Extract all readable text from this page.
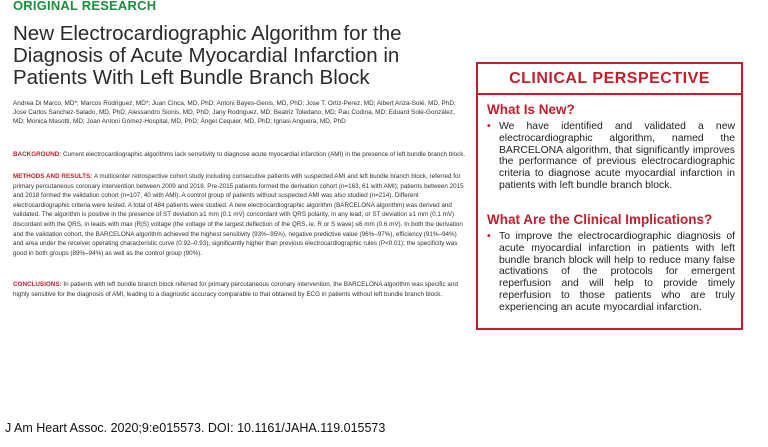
ORIGINAL RESEARCH
New Electrocardiographic Algorithm for the Diagnosis of Acute Myocardial Infarction in Patients With Left Bundle Branch Block
Andrea Di Marco, MD*; Marcos Rodriguez, MD*; Juan Cinca, MD, PhD; Antoni Bayes-Genis, MD, PhD; Jose T. Ortiz-Perez, MD; Albert Ariza-Solé, MD, PhD; Jose Carlos Sanchez-Salado, MD, PhD; Alessandro Sionis, MD, PhD; Jany Rodriguez, MD; Beatriz Toledano, MD; Pau Codina, MD; Eduard Solé-González, MD; Monica Masotti, MD; Joan Antoni Gómez-Hospital, MD, PhD; Ángel Cequier, MD, PhD; Ignasi Anguera, MD, PhD
BACKGROUND: Current electrocardiographic algorithms lack sensitivity to diagnose acute myocardial infarction (AMI) in the presence of left bundle branch block.
METHODS AND RESULTS: A multicenter retrospective cohort study including consecutive patients with suspected AMI and left bundle branch block, referred for primary percutaneous coronary intervention between 2009 and 2018. Pre-2015 patients formed the derivation cohort (n=163, 61 with AMI); patients between 2015 and 2018 formed the validation cohort (n=107, 40 with AMI). A control group of patients without suspected AMI was also studied (n=214). Different electrocardiographic criteria were tested. A total of 484 patients were studied. A new electrocardiographic algorithm (BARCELONA algorithm) was derived and validated. The algorithm is positive in the presence of ST deviation ≥1 mm (0.1 mV) concordant with QRS polarity, in any lead, or ST deviation ≥1 mm (0.1 mV) discordant with the QRS, in leads with max (R|S) voltage (the voltage of the largest deflection of the QRS, ie, R or S wave) ≤6 mm (0.6 mV). In both the derivation and the validation cohort, the BARCELONA algorithm achieved the highest sensitivity (93%–95%), negative predictive value (96%–97%), efficiency (91%–94%) and area under the receiver operating characteristic curve (0.92–0.93), significantly higher than previous electrocardiographic rules (P<0.01); the specificity was good in both groups (89%–94%) as well as the control group (90%).
CONCLUSIONS: In patients with left bundle branch block referred for primary percutaneous coronary intervention, the BARCELONA algorithm was specific and highly sensitive for the diagnosis of AMI, leading to a diagnostic accuracy comparable to that obtained by ECG in patients without left bundle branch block.
J Am Heart Assoc. 2020;9:e015573. DOI: 10.1161/JAHA.119.015573
CLINICAL PERSPECTIVE
What Is New?
• We have identified and validated a new electrocardiographic algorithm, named the BARCELONA algorithm, that significantly improves the performance of previous electrocardiographic criteria to diagnose acute myocardial infarction in patients with left bundle branch block.
What Are the Clinical Implications?
• To improve the electrocardiographic diagnosis of acute myocardial infarction in patients with left bundle branch block will help to reduce many false activations of the protocols for emergent reperfusion and will help to provide timely reperfusion to those patients who are truly experiencing an acute myocardial infarction.
